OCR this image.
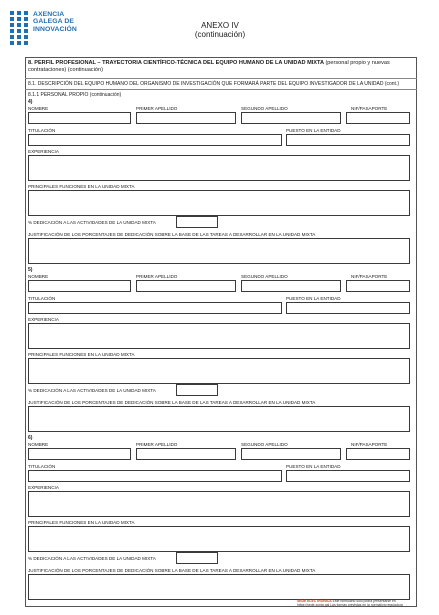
AXENCIA
GALEGA DE
INNOVACIÓN	ANEXO IV
(continuación)
8. PERFIL PROFESIONAL – TRAYECTORIA CIENTÍFICO-TÉCNICA DEL EQUIPO HUMANO DE LA UNIDAD MIXTA (personal propio y nuevas contrataciones) (continuación)
8.1. DESCRIPCIÓN DEL EQUIPO HUMANO DEL ORGANISMO DE INVESTIGACIÓN QUE FORMARÁ PARTE DEL EQUIPO INVESTIGADOR DE LA UNIDAD (cont.)
8.1.1 PERSONAL PROPIO (continuación)
4)
NOMBRE	PRIMER APELLIDO	SEGUNDO APELLIDO	NIF/PASAPORTE
TITULACIÓN	PUESTO EN LA ENTIDAD
EXPERIENCIA
PRINCIPALES FUNCIONES EN LA UNIDAD MIXTA
% DEDICACIÓN A LAS ACTIVIDADES DE LA UNIDAD MIXTA
JUSTIFICACIÓN DE LOS PORCENTAJES DE DEDICACIÓN SOBRE LA BASE DE LAS TAREAS A DESARROLLAR EN LA UNIDAD MIXTA
5)
NOMBRE	PRIMER APELLIDO	SEGUNDO APELLIDO	NIF/PASAPORTE
TITULACIÓN	PUESTO EN LA ENTIDAD
EXPERIENCIA
PRINCIPALES FUNCIONES EN LA UNIDAD MIXTA
% DEDICACIÓN A LAS ACTIVIDADES DE LA UNIDAD MIXTA
JUSTIFICACIÓN DE LOS PORCENTAJES DE DEDICACIÓN SOBRE LA BASE DE LAS TAREAS A DESARROLLAR EN LA UNIDAD MIXTA
6)
NOMBRE	PRIMER APELLIDO	SEGUNDO APELLIDO	NIF/PASAPORTE
TITULACIÓN	PUESTO EN LA ENTIDAD
EXPERIENCIA
PRINCIPALES FUNCIONES EN LA UNIDAD MIXTA
% DEDICACIÓN A LAS ACTIVIDADES DE LA UNIDAD MIXTA
JUSTIFICACIÓN DE LOS PORCENTAJES DE DEDICACIÓN SOBRE LA BASE DE LAS TAREAS A DESARROLLAR EN LA UNIDAD MIXTA
SEDE ELECTRÓNICA Este formulario solo podrá presentarse en
https://sede.xunta.gal Las formas previstas en la normativa reguladora
